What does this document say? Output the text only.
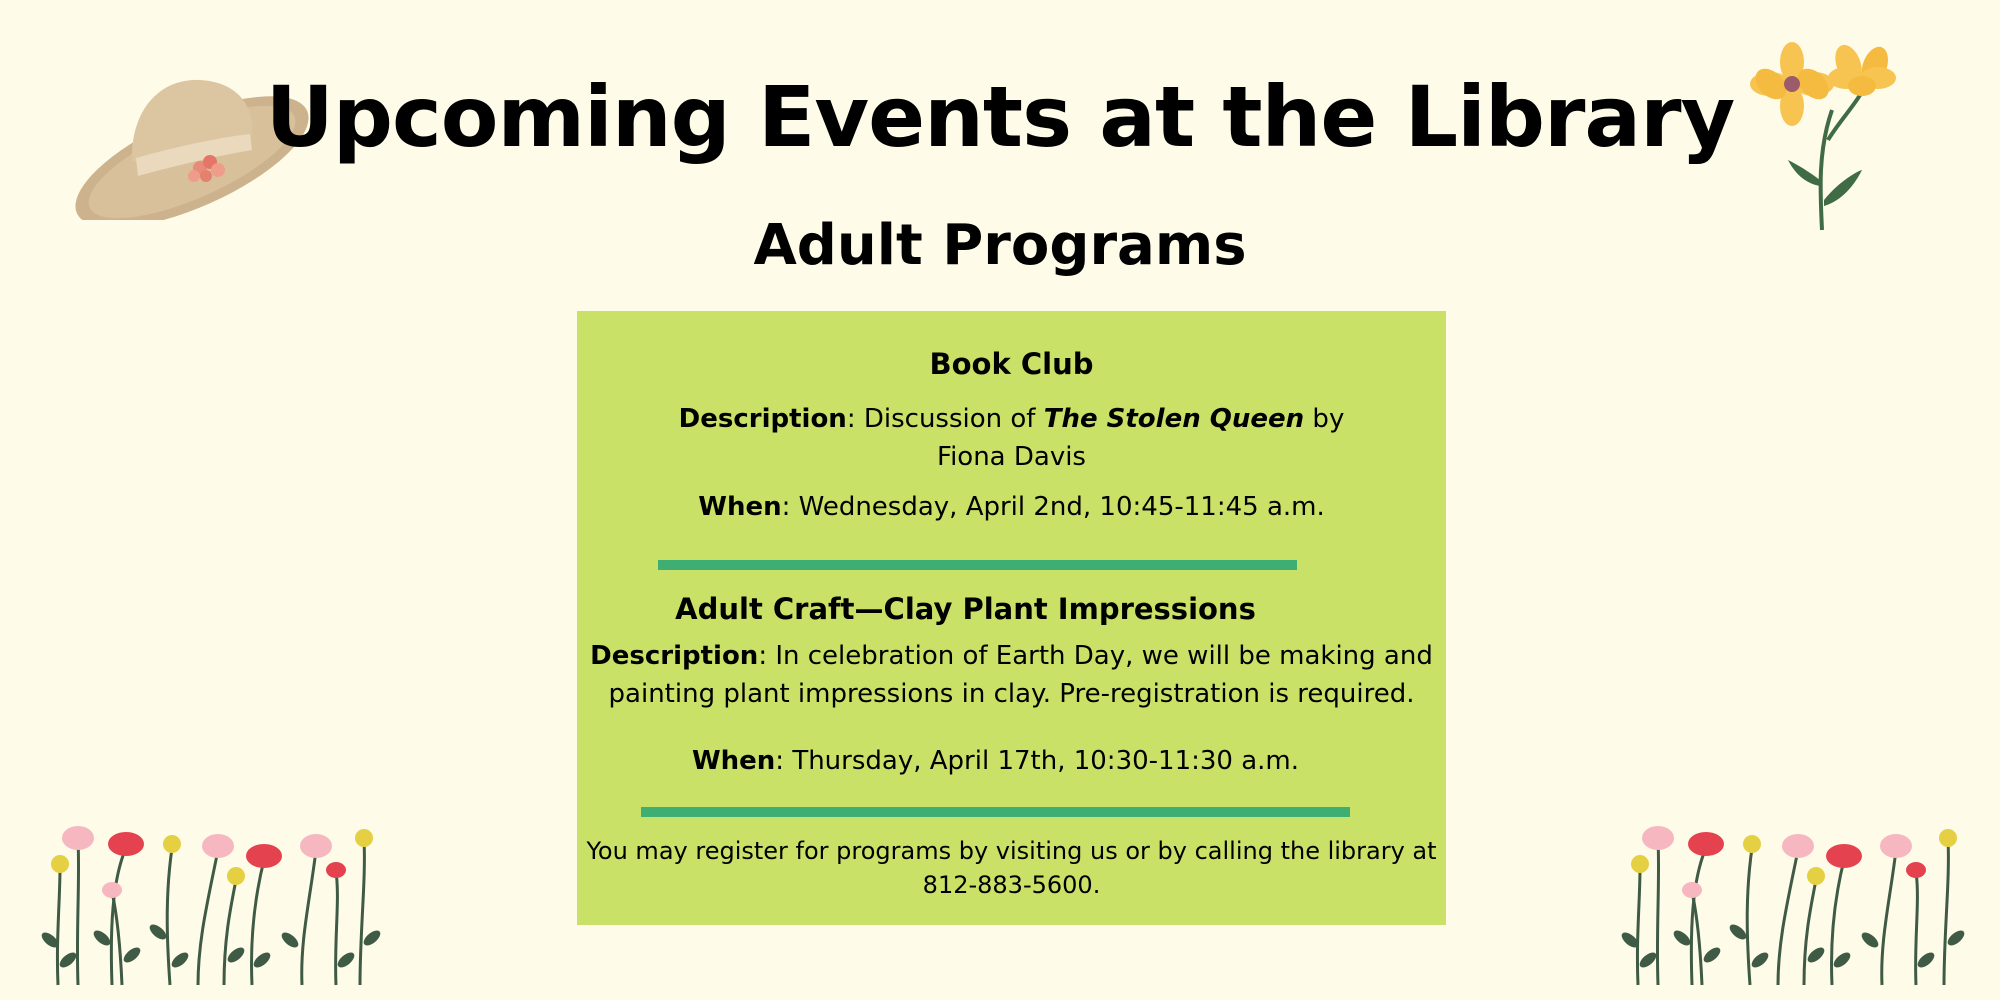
Upcoming Events at the Library
Adult Programs
Book Club
Description: Discussion of The Stolen Queen by
Fiona Davis
When: Wednesday, April 2nd, 10:45-11:45 a.m.
Adult Craft—Clay Plant Impressions
Description: In celebration of Earth Day, we will be making and
painting plant impressions in clay. Pre-registration is required.
When: Thursday, April 17th, 10:30-11:30 a.m.
You may register for programs by visiting us or by calling the library at
812-883-5600.
